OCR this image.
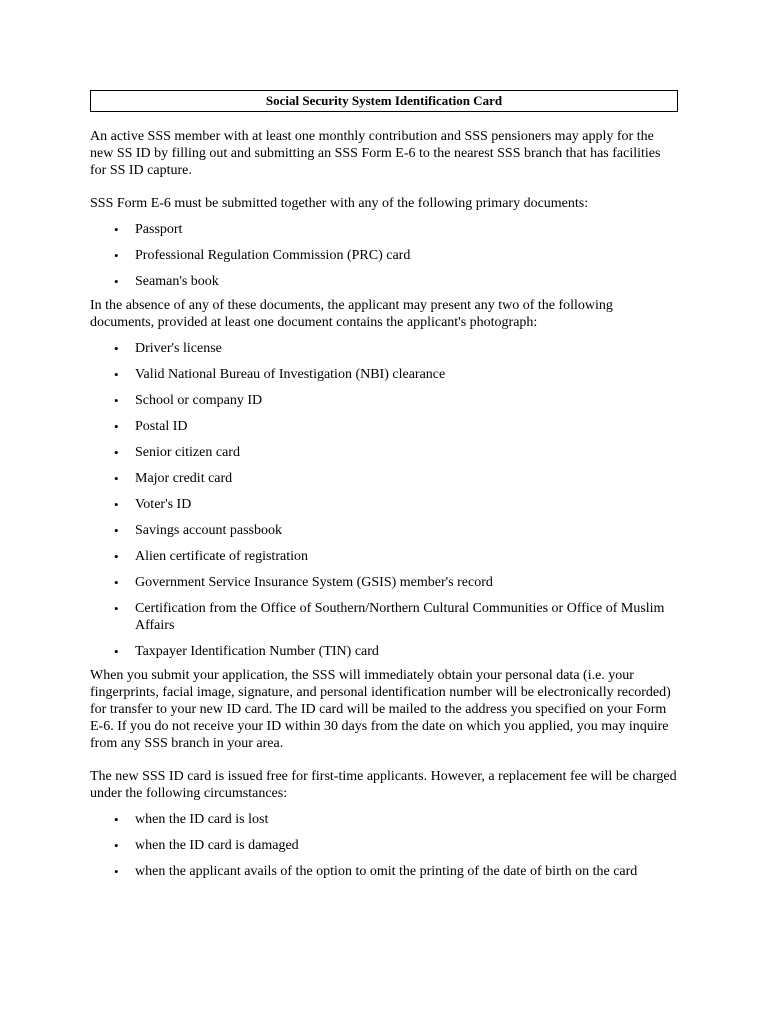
Social Security System Identification Card

An active SSS member with at least one monthly contribution and SSS pensioners may apply for the new SS ID by filling out and submitting an SSS Form E-6 to the nearest SSS branch that has facilities for SS ID capture.

SSS Form E-6 must be submitted together with any of the following primary documents:

• Passport
• Professional Regulation Commission (PRC) card
• Seaman's book

In the absence of any of these documents, the applicant may present any two of the following documents, provided at least one document contains the applicant's photograph:

• Driver's license
• Valid National Bureau of Investigation (NBI) clearance
• School or company ID
• Postal ID
• Senior citizen card
• Major credit card
• Voter's ID
• Savings account passbook
• Alien certificate of registration
• Government Service Insurance System (GSIS) member's record
• Certification from the Office of Southern/Northern Cultural Communities or Office of Muslim Affairs
• Taxpayer Identification Number (TIN) card

When you submit your application, the SSS will immediately obtain your personal data (i.e. your fingerprints, facial image, signature, and personal identification number will be electronically recorded) for transfer to your new ID card. The ID card will be mailed to the address you specified on your Form E-6. If you do not receive your ID within 30 days from the date on which you applied, you may inquire from any SSS branch in your area.

The new SSS ID card is issued free for first-time applicants. However, a replacement fee will be charged under the following circumstances:

• when the ID card is lost
• when the ID card is damaged
• when the applicant avails of the option to omit the printing of the date of birth on the card
